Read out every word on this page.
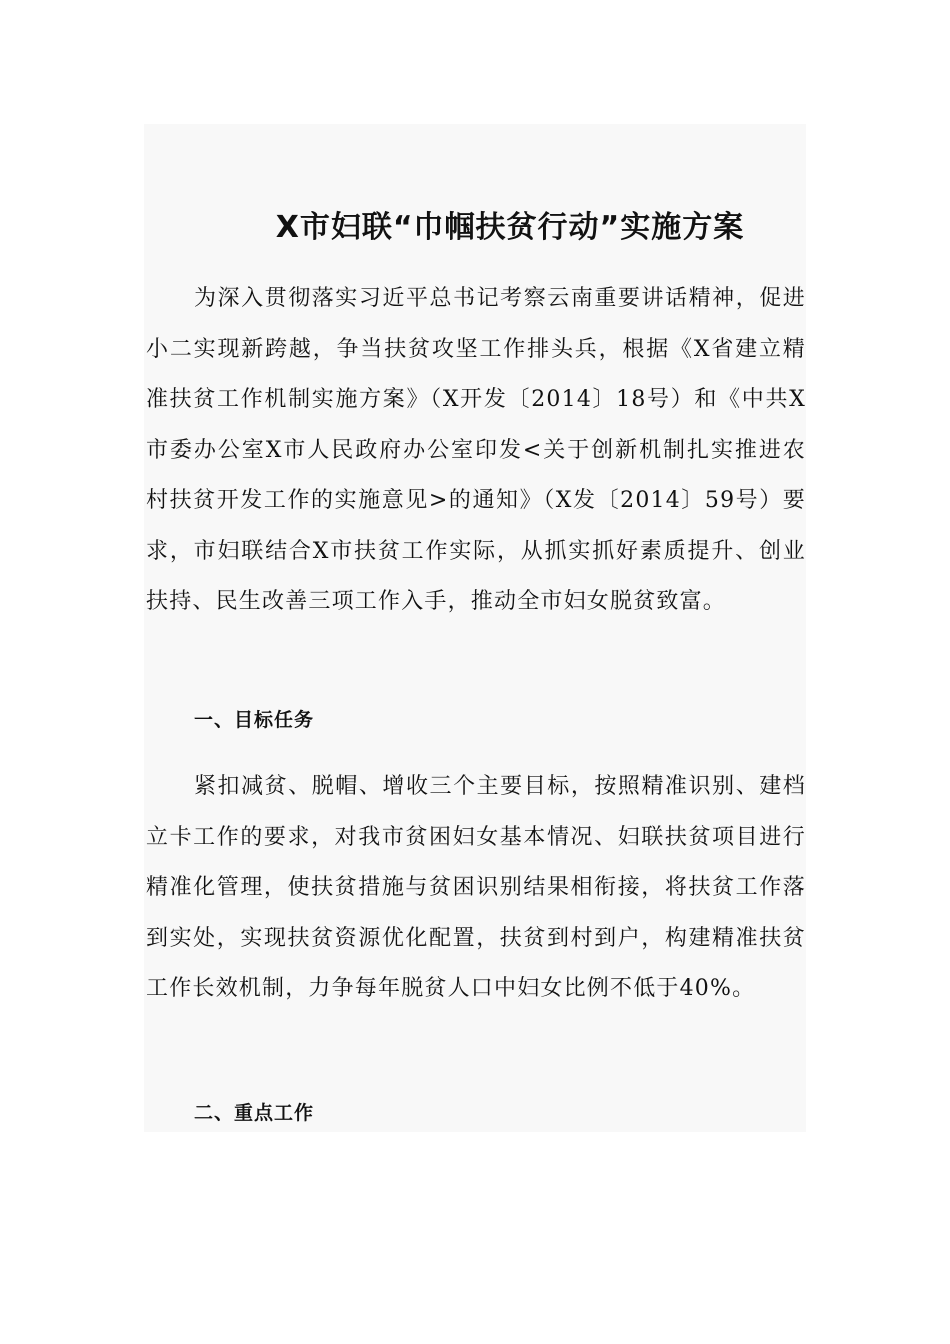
X市妇联“巾帼扶贫行动”实施方案
为深入贯彻落实习近平总书记考察云南重要讲话精神，促进小二实现新跨越，争当扶贫攻坚工作排头兵，根据《X省建立精准扶贫工作机制实施方案》（X开发〔2014〕18号）和《中共X市委办公室X市人民政府办公室印发<关于创新机制扎实推进农村扶贫开发工作的实施意见>的通知》（X发〔2014〕59号）要求，市妇联结合X市扶贫工作实际，从抓实抓好素质提升、创业扶持、民生改善三项工作入手，推动全市妇女脱贫致富。
一、目标任务
紧扣减贫、脱帽、增收三个主要目标，按照精准识别、建档立卡工作的要求，对我市贫困妇女基本情况、妇联扶贫项目进行精准化管理，使扶贫措施与贫困识别结果相衔接，将扶贫工作落到实处，实现扶贫资源优化配置，扶贫到村到户，构建精准扶贫工作长效机制，力争每年脱贫人口中妇女比例不低于40%。
二、重点工作
